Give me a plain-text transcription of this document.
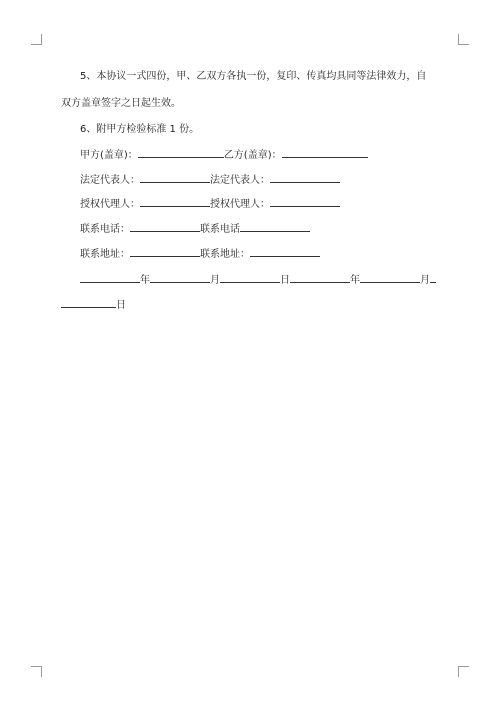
5、本协议一式四份，甲、乙双方各执一份，复印、传真均具同等法律效力，自
双方盖章签字之日起生效。
6、附甲方检验标准 1 份。
甲方(盖章)：	乙方(盖章)：
法定代表人：	法定代表人：
授权代理人：	授权代理人：
联系电话：	联系电话
联系地址：	联系地址：
年	月	日	年	月
日
